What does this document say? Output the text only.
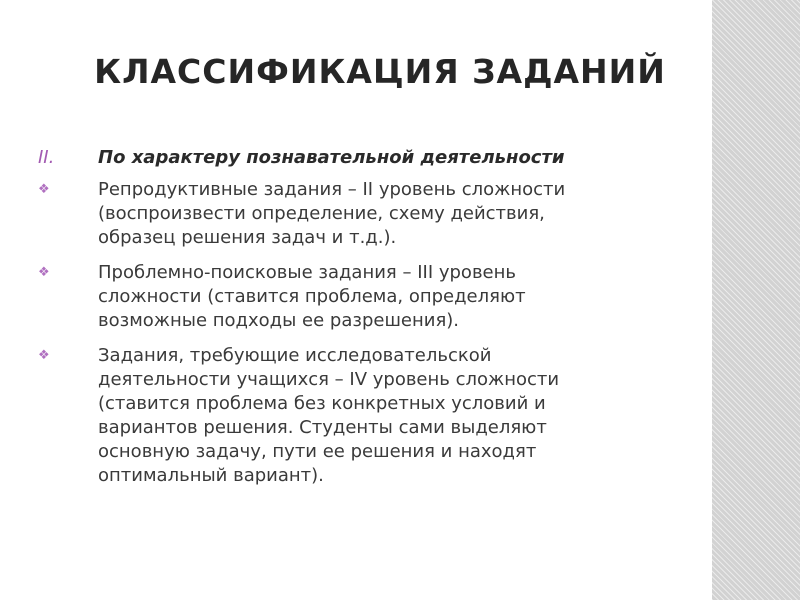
КЛАССИФИКАЦИЯ ЗАДАНИЙ
II. По характеру познавательной деятельности
❖	Репродуктивные задания – II уровень сложности
(воспроизвести определение, схему действия,
образец решения задач и т.д.).
❖	Проблемно-поисковые задания – III уровень
сложности (ставится проблема, определяют
возможные подходы ее разрешения).
❖	Задания, требующие исследовательской
деятельности учащихся – IV уровень сложности
(ставится проблема без конкретных условий и
вариантов решения. Студенты сами выделяют
основную задачу, пути ее решения и находят
оптимальный вариант).
